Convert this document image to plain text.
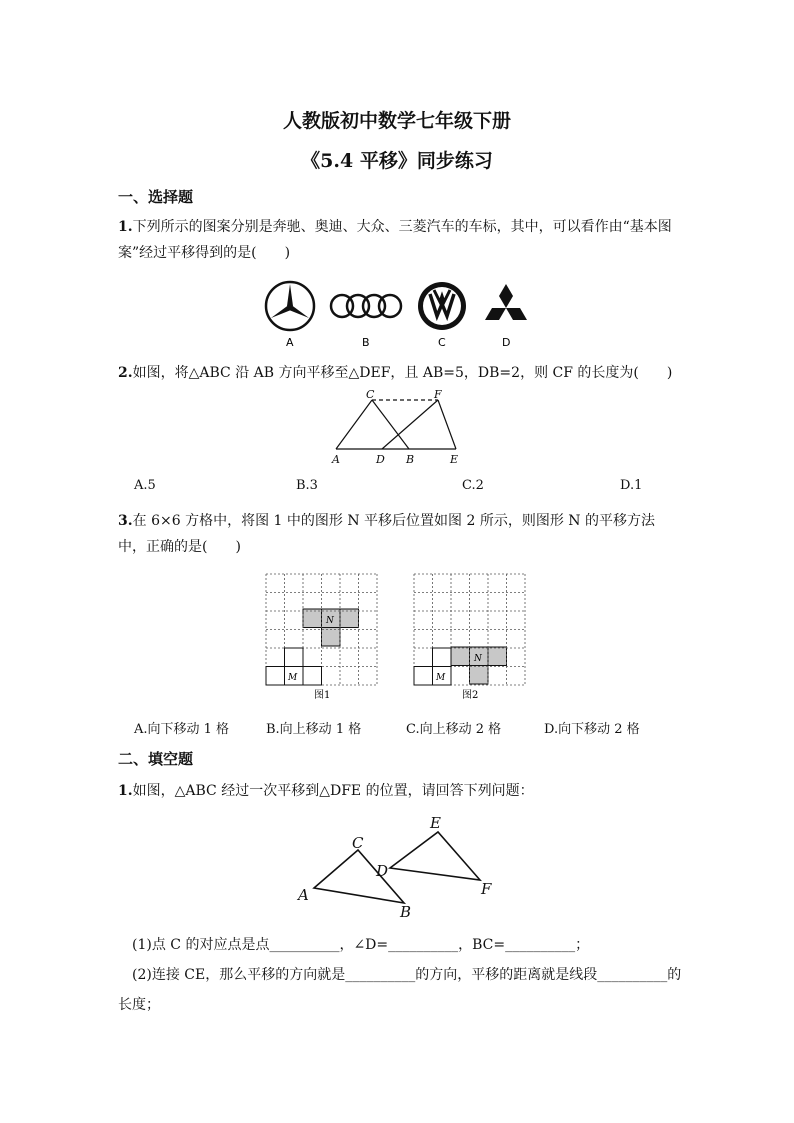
人教版初中数学七年级下册
《5.4 平移》同步练习
一、选择题
1.下列所示的图案分别是奔驰、奥迪、大众、三菱汽车的车标，其中，可以看作由“基本图案”经过平移得到的是(　　)
A	B	C	D
2.如图，将△ABC 沿 AB 方向平移至△DEF，且 AB=5，DB=2，则 CF 的长度为(　　)
C	F
A	D B	E
A.5	B.3	C.2	D.1
3.在 6×6 方格中，将图 1 中的图形 N 平移后位置如图 2 所示，则图形 N 的平移方法中，正确的是(　　)
N
M
图1
N
M
图2
A.向下移动 1 格	B.向上移动 1 格	C.向上移动 2 格	D.向下移动 2 格
二、填空题
1.如图，△ABC 经过一次平移到△DFE 的位置，请回答下列问题：
E
C
D
F
A
B
(1)点 C 的对应点是点__________，∠D=__________，BC=__________；
(2)连接 CE，那么平移的方向就是__________的方向，平移的距离就是线段__________的
长度；
